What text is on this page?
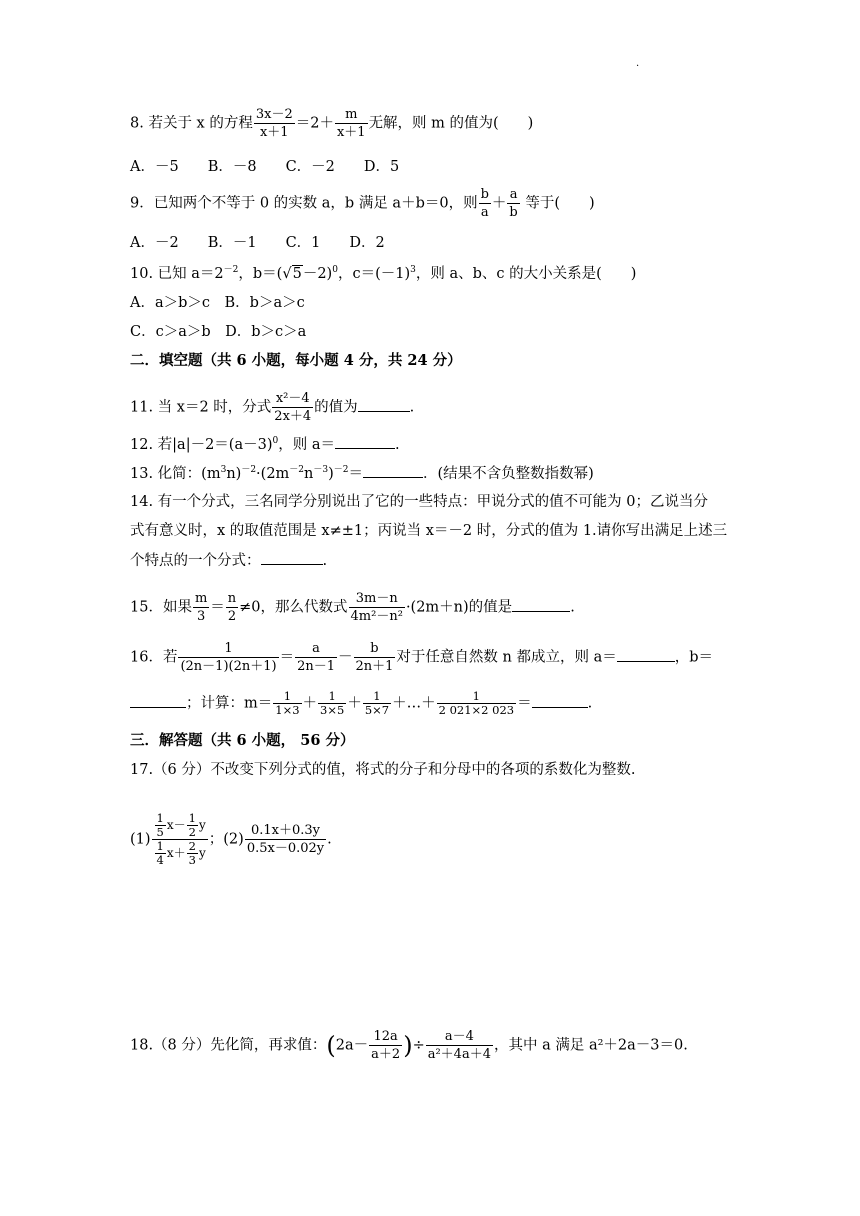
.
8. 若关于 x 的方程 $\frac{3x-2}{x+1} =2+ \frac{m}{x+1}$ 无解，则 m 的值为(　　)
A．－5　　B．－8　　C．－2　　D．5
9．已知两个不等于 0 的实数 a，b 满足 a＋b＝0，则 $\frac{b}{a} + \frac{a}{b}$ 等于(　　)
A．－2　　B．－1　　C．1　　D．2
10. 已知 $a=2^{-2}$，$b=(√5-2)^0$，$c=(-1)^3$，则 a、b、c 的大小关系是(　　)
A．a＞b＞c　B．b＞a＞c
C．c＞a＞b　D．b＞c＞a
二．填空题（共 6 小题，每小题 4 分，共 24 分）
11. 当 x＝2 时，分式 $\frac{\text{x²－4}}{2x+4}$ 的值为	.
12. 若$|a|-2=(a-3)^0$，则 a＝	.
13. 化简：$(m^3n)^{-2}\cdot(2m^{-2}n^{-3})^{-2}=$	．(结果不含负整数指数幂)
14. 有一个分式，三名同学分别说出了它的一些特点：甲说分式的值不可能为 0；乙说当分
式有意义时，x 的取值范围是 x≠±1；丙说当 x＝－2 时，分式的值为 1.请你写出满足上述三
个特点的一个分式：	.
15．如果 $\frac{m}{3} = \frac{n}{2} \ne 0$，那么代数式 $\frac{3m-n}{\text{4m²－n²}} \cdot(2m+n)$的值是	.
16．若 $\frac{1}{(2n-1)(2n+1)} = \frac{a}{2n-1} - \frac{b}{2n+1}$ 对于任意自然数 n 都成立，则 a＝	，b＝
；计算：$m= \frac{1}{1\times 3} + \frac{1}{3\times 5} + \frac{1}{5\times 7}$ ＋…＋ $\frac{1}{2 021\times 2 023}$ ＝	.
三．解答题（共 6 小题， 56 分）
17.（6 分）不改变下列分式的值，将式的分子和分母中的各项的系数化为整数.
$(1) \frac{\frac{1}{5} x- \frac{1}{2} y}{\frac{1}{4} x+ \frac{2}{3} y}$ ；$(2) \frac{0.1x+0.3y}{0.5x-0.02y}$ .
18.（8 分）先化简，再求值：($2a- \frac{12a}{a+2}$ )÷ $\frac{a-4}{\text{a²＋4a＋4}}$ ，其中 a 满足 a²＋2a－3＝0.
